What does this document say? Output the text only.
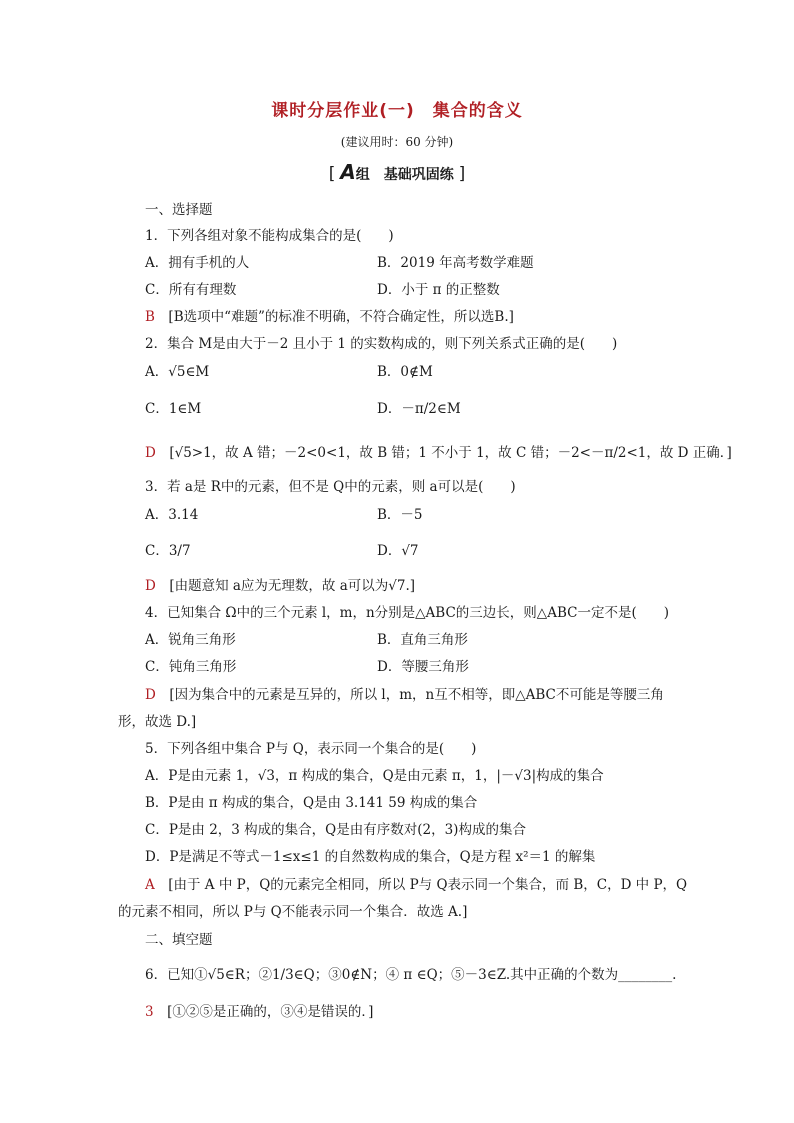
课时分层作业(一)　集合的含义
(建议用时：60 分钟)
[ A组　基础巩固练 ]
一、选择题
1．下列各组对象不能构成集合的是(　　)
A．拥有手机的人	B．2019 年高考数学难题
C．所有有理数	D．小于 π 的正整数
B　 [B选项中“难题”的标准不明确，不符合确定性，所以选B.]
2．集合 M是由大于－2 且小于 1 的实数构成的，则下列关系式正确的是(　　)
A．√5∈M	B．0∉M
C．1∈M	D．－π/2∈M
D　 [√5>1，故 A 错；－2<0<1，故 B 错；1 不小于 1，故 C 错；－2<－π/2<1，故 D 正确．]
3．若 a是 R中的元素，但不是 Q中的元素，则 a可以是(　　)
A．3.14	B．－5
C．3/7	D．√7
D　 [由题意知 a应为无理数，故 a可以为√7.]
4．已知集合 Ω中的三个元素 l，m，n分别是△ABC的三边长，则△ABC一定不是(　　)
A．锐角三角形	B．直角三角形
C．钝角三角形	D．等腰三角形
D　 [因为集合中的元素是互异的，所以 l，m，n互不相等，即△ABC不可能是等腰三角
形，故选 D.]
5．下列各组中集合 P与 Q，表示同一个集合的是(　　)
A．P是由元素 1，√3，π 构成的集合，Q是由元素 π，1，|－√3|构成的集合
B．P是由 π 构成的集合，Q是由 3.141 59 构成的集合
C．P是由 2，3 构成的集合，Q是由有序数对(2，3)构成的集合
D．P是满足不等式－1≤x≤1 的自然数构成的集合，Q是方程 x²＝1 的解集
A　 [由于 A 中 P，Q的元素完全相同，所以 P与 Q表示同一个集合，而 B，C，D 中 P，Q
的元素不相同，所以 P与 Q不能表示同一个集合．故选 A.]
二、填空题
6．已知①√5∈R；②1/3∈Q；③0∉N；④ π ∈Q；⑤－3∈Z.其中正确的个数为________.
3　 [①②⑤是正确的，③④是错误的．]
